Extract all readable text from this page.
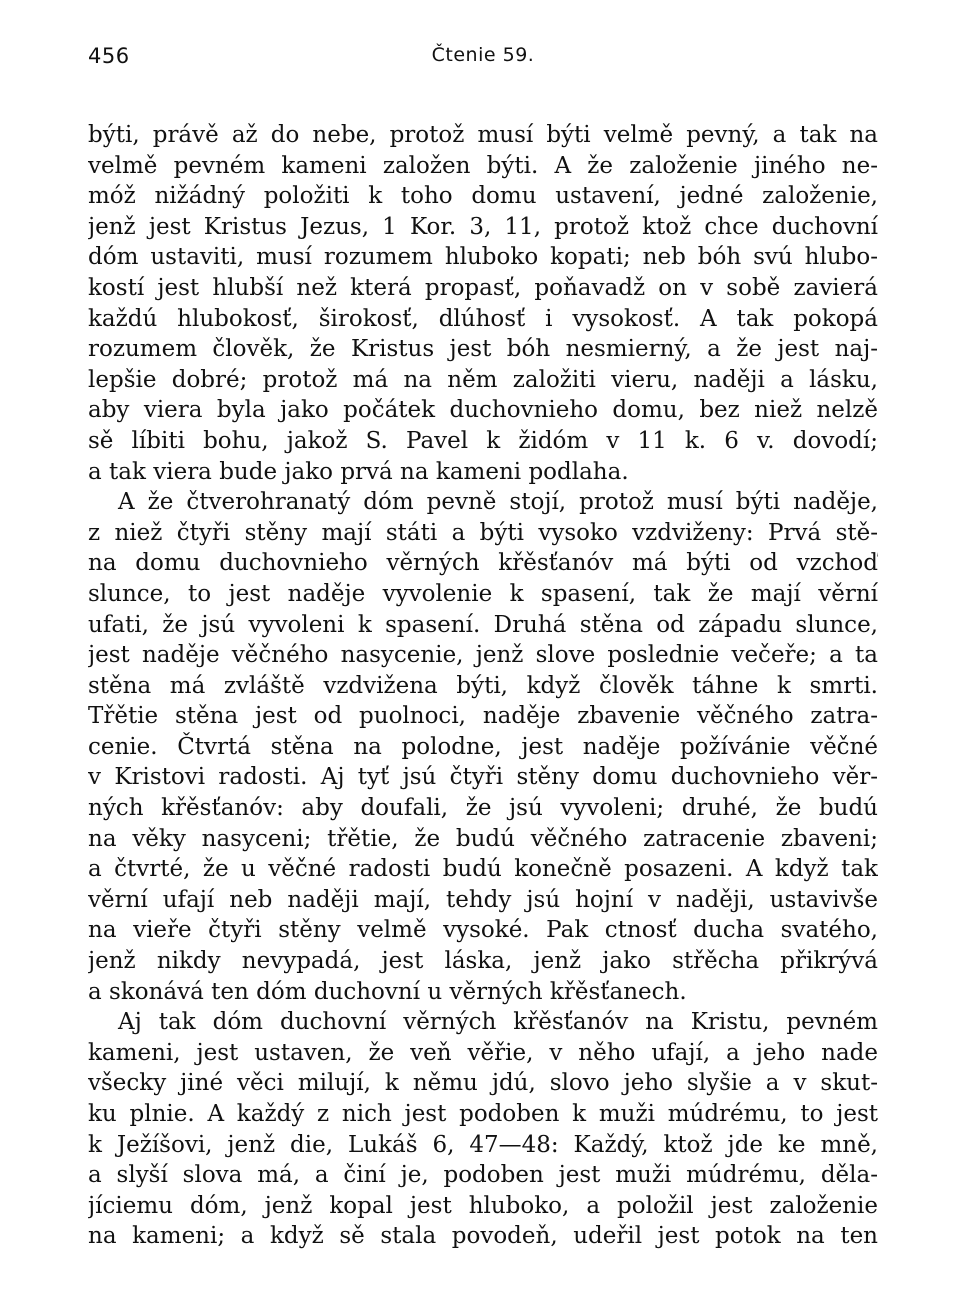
456	Čtenie 59.
býti, právě až do nebe, protož musí býti velmě pevný, a tak na
velmě pevném kameni založen býti. A že založenie jiného ne-
móž nižádný položiti k toho domu ustavení, jedné založenie,
jenž jest Kristus Jezus, 1 Kor. 3, 11, protož ktož chce duchovní
dóm ustaviti, musí rozumem hluboko kopati; neb bóh svú hlubo-
kostí jest hlubší než která propasť, poňavadž on v sobě zavierá
každú hlubokosť, širokosť, dlúhosť i vysokosť. A tak pokopá
rozumem člověk, že Kristus jest bóh nesmierný, a že jest naj-
lepšie dobré; protož má na něm založiti vieru, naději a lásku,
aby viera byla jako počátek duchovnieho domu, bez niež nelzě
sě líbiti bohu, jakož S. Pavel k židóm v 11 k. 6 v. dovodí;
a tak viera bude jako prvá na kameni podlaha.
A že čtverohranatý dóm pevně stojí, protož musí býti naděje,
z niež čtyři stěny mají státi a býti vysoko vzdviženy: Prvá stě-
na domu duchovnieho věrných křěsťanóv má býti od vzchoď
slunce, to jest naděje vyvolenie k spasení, tak že mají věrní
ufati, že jsú vyvoleni k spasení. Druhá stěna od západu slunce,
jest naděje věčného nasycenie, jenž slove poslednie večeře; a ta
stěna má zvláště vzdvižena býti, když člověk táhne k smrti.
Třětie stěna jest od puolnoci, naděje zbavenie věčného zatra-
cenie. Čtvrtá stěna na polodne, jest naděje požívánie věčné
v Kristovi radosti. Aj tyť jsú čtyři stěny domu duchovnieho věr-
ných křěsťanóv: aby doufali, že jsú vyvoleni; druhé, že budú
na věky nasyceni; třětie, že budú věčného zatracenie zbaveni;
a čtvrté, že u věčné radosti budú konečně posazeni. A když tak
věrní ufají neb naději mají, tehdy jsú hojní v naději, ustavivše
na vieře čtyři stěny velmě vysoké. Pak ctnosť ducha svatého,
jenž nikdy nevypadá, jest láska, jenž jako střěcha přikrývá
a skonává ten dóm duchovní u věrných křěsťanech.
Aj tak dóm duchovní věrných křěsťanóv na Kristu, pevném
kameni, jest ustaven, že veň věřie, v něho ufají, a jeho nade
všecky jiné věci milují, k němu jdú, slovo jeho slyšie a v skut-
ku plnie. A každý z nich jest podoben k muži múdrému, to jest
k Ježíšovi, jenž die, Lukáš 6, 47—48: Každý, ktož jde ke mně,
a slyší slova má, a činí je, podoben jest muži múdrému, děla-
jíciemu dóm, jenž kopal jest hluboko, a položil jest založenie
na kameni; a když sě stala povodeň, udeřil jest potok na ten
